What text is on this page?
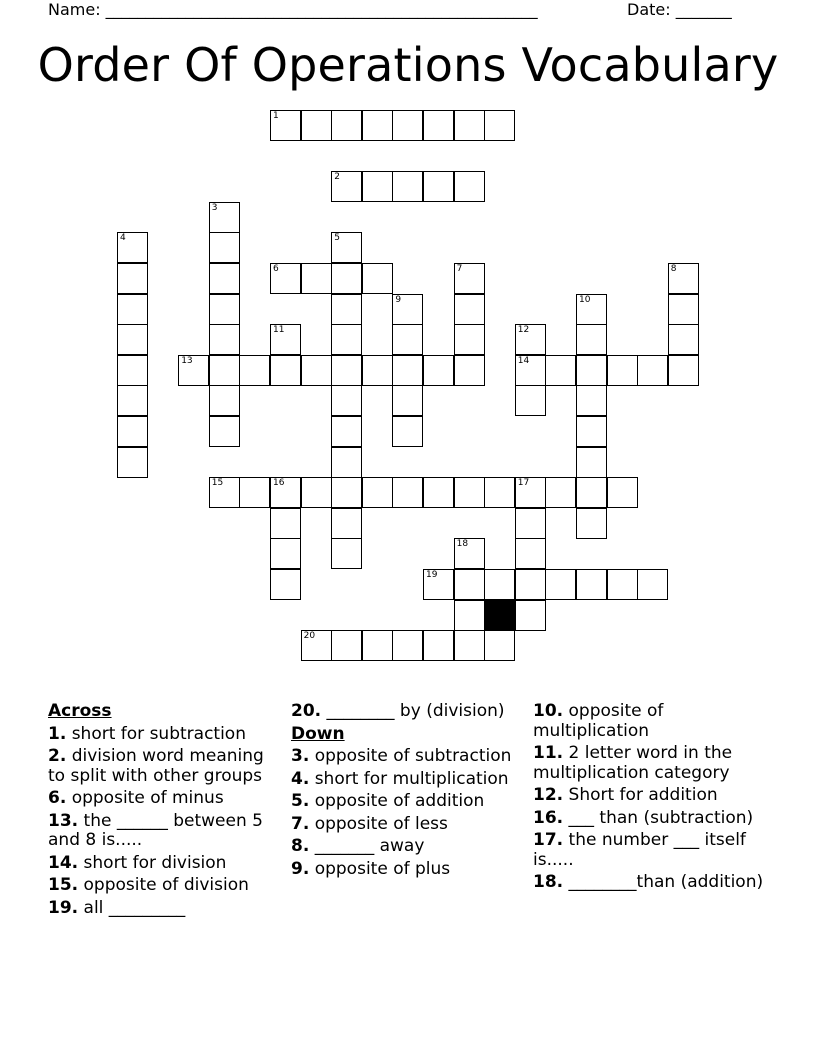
Name: ______________________________________________________	Date: _______
Order Of Operations Vocabulary
1
2
3
4	5
6	7	8
9	10
11	12
13	14
15	16	17
18
19
20
Across
1. short for subtraction
2. division word meaning to split with other groups
6. opposite of minus
13. the ______ between 5 and 8 is.....
14. short for division
15. opposite of division
19. all _________
20. ________ by (division)
Down
3. opposite of subtraction
4. short for multiplication
5. opposite of addition
7. opposite of less
8. _______ away
9. opposite of plus
10. opposite of multiplication
11. 2 letter word in the multiplication category
12. Short for addition
16. ___ than (subtraction)
17. the number ___ itself is.....
18. ________than (addition)
